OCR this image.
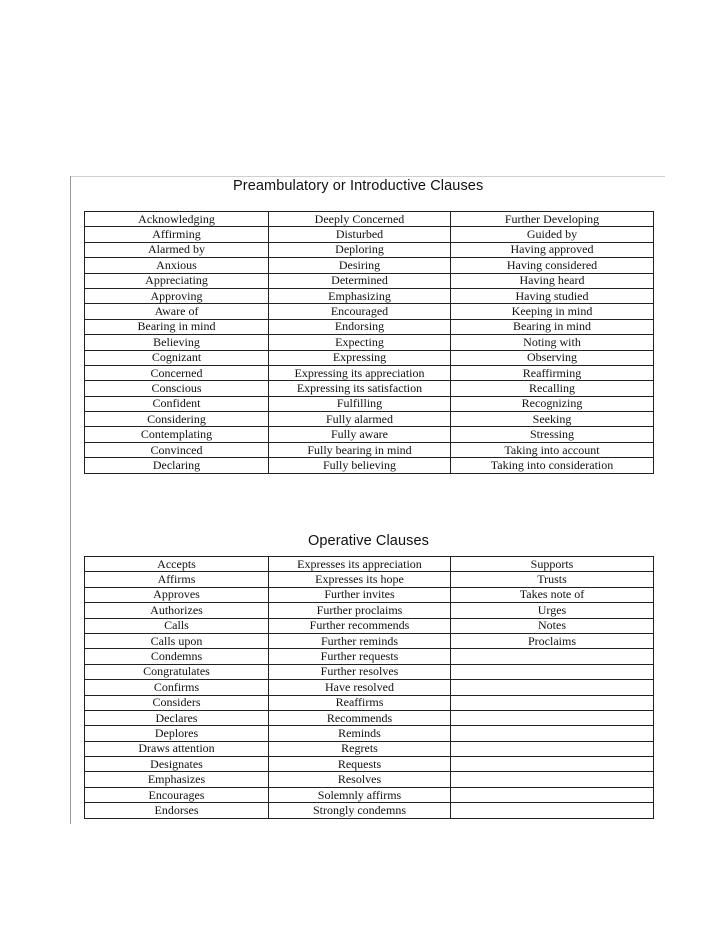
Preambulatory or Introductive Clauses
Acknowledging	Deeply Concerned	Further Developing
Affirming	Disturbed	Guided by
Alarmed by	Deploring	Having approved
Anxious	Desiring	Having considered
Appreciating	Determined	Having heard
Approving	Emphasizing	Having studied
Aware of	Encouraged	Keeping in mind
Bearing in mind	Endorsing	Bearing in mind
Believing	Expecting	Noting with
Cognizant	Expressing	Observing
Concerned	Expressing its appreciation	Reaffirming
Conscious	Expressing its satisfaction	Recalling
Confident	Fulfilling	Recognizing
Considering	Fully alarmed	Seeking
Contemplating	Fully aware	Stressing
Convinced	Fully bearing in mind	Taking into account
Declaring	Fully believing	Taking into consideration
Operative Clauses
Accepts	Expresses its appreciation	Supports
Affirms	Expresses its hope	Trusts
Approves	Further invites	Takes note of
Authorizes	Further proclaims	Urges
Calls	Further recommends	Notes
Calls upon	Further reminds	Proclaims
Condemns	Further requests	
Congratulates	Further resolves	
Confirms	Have resolved	
Considers	Reaffirms	
Declares	Recommends	
Deplores	Reminds	
Draws attention	Regrets	
Designates	Requests	
Emphasizes	Resolves	
Encourages	Solemnly affirms	
Endorses	Strongly condemns	
